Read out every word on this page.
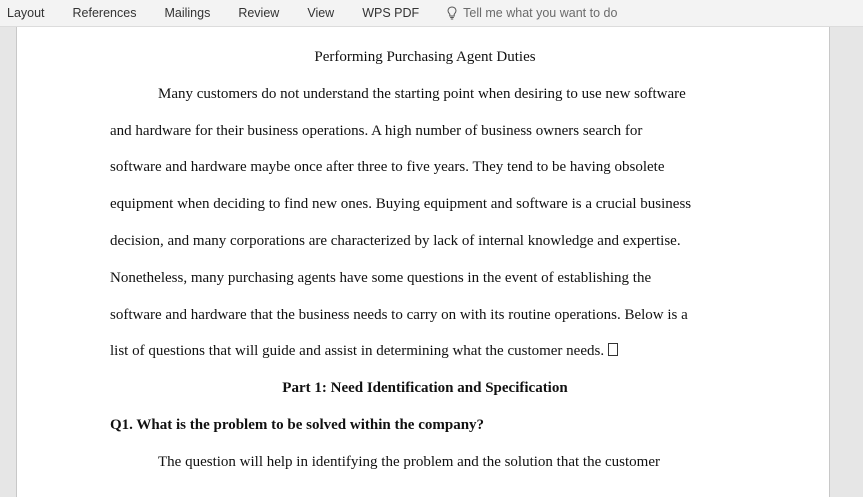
Layout	References	Mailings	Review	View	WPS PDF	Tell me what you want to do
Performing Purchasing Agent Duties
Many customers do not understand the starting point when desiring to use new software
and hardware for their business operations. A high number of business owners search for
software and hardware maybe once after three to five years. They tend to be having obsolete
equipment when deciding to find new ones. Buying equipment and software is a crucial business
decision, and many corporations are characterized by lack of internal knowledge and expertise.
Nonetheless, many purchasing agents have some questions in the event of establishing the
software and hardware that the business needs to carry on with its routine operations. Below is a
list of questions that will guide and assist in determining what the customer needs.
Part 1: Need Identification and Specification
Q1. What is the problem to be solved within the company?
The question will help in identifying the problem and the solution that the customer
